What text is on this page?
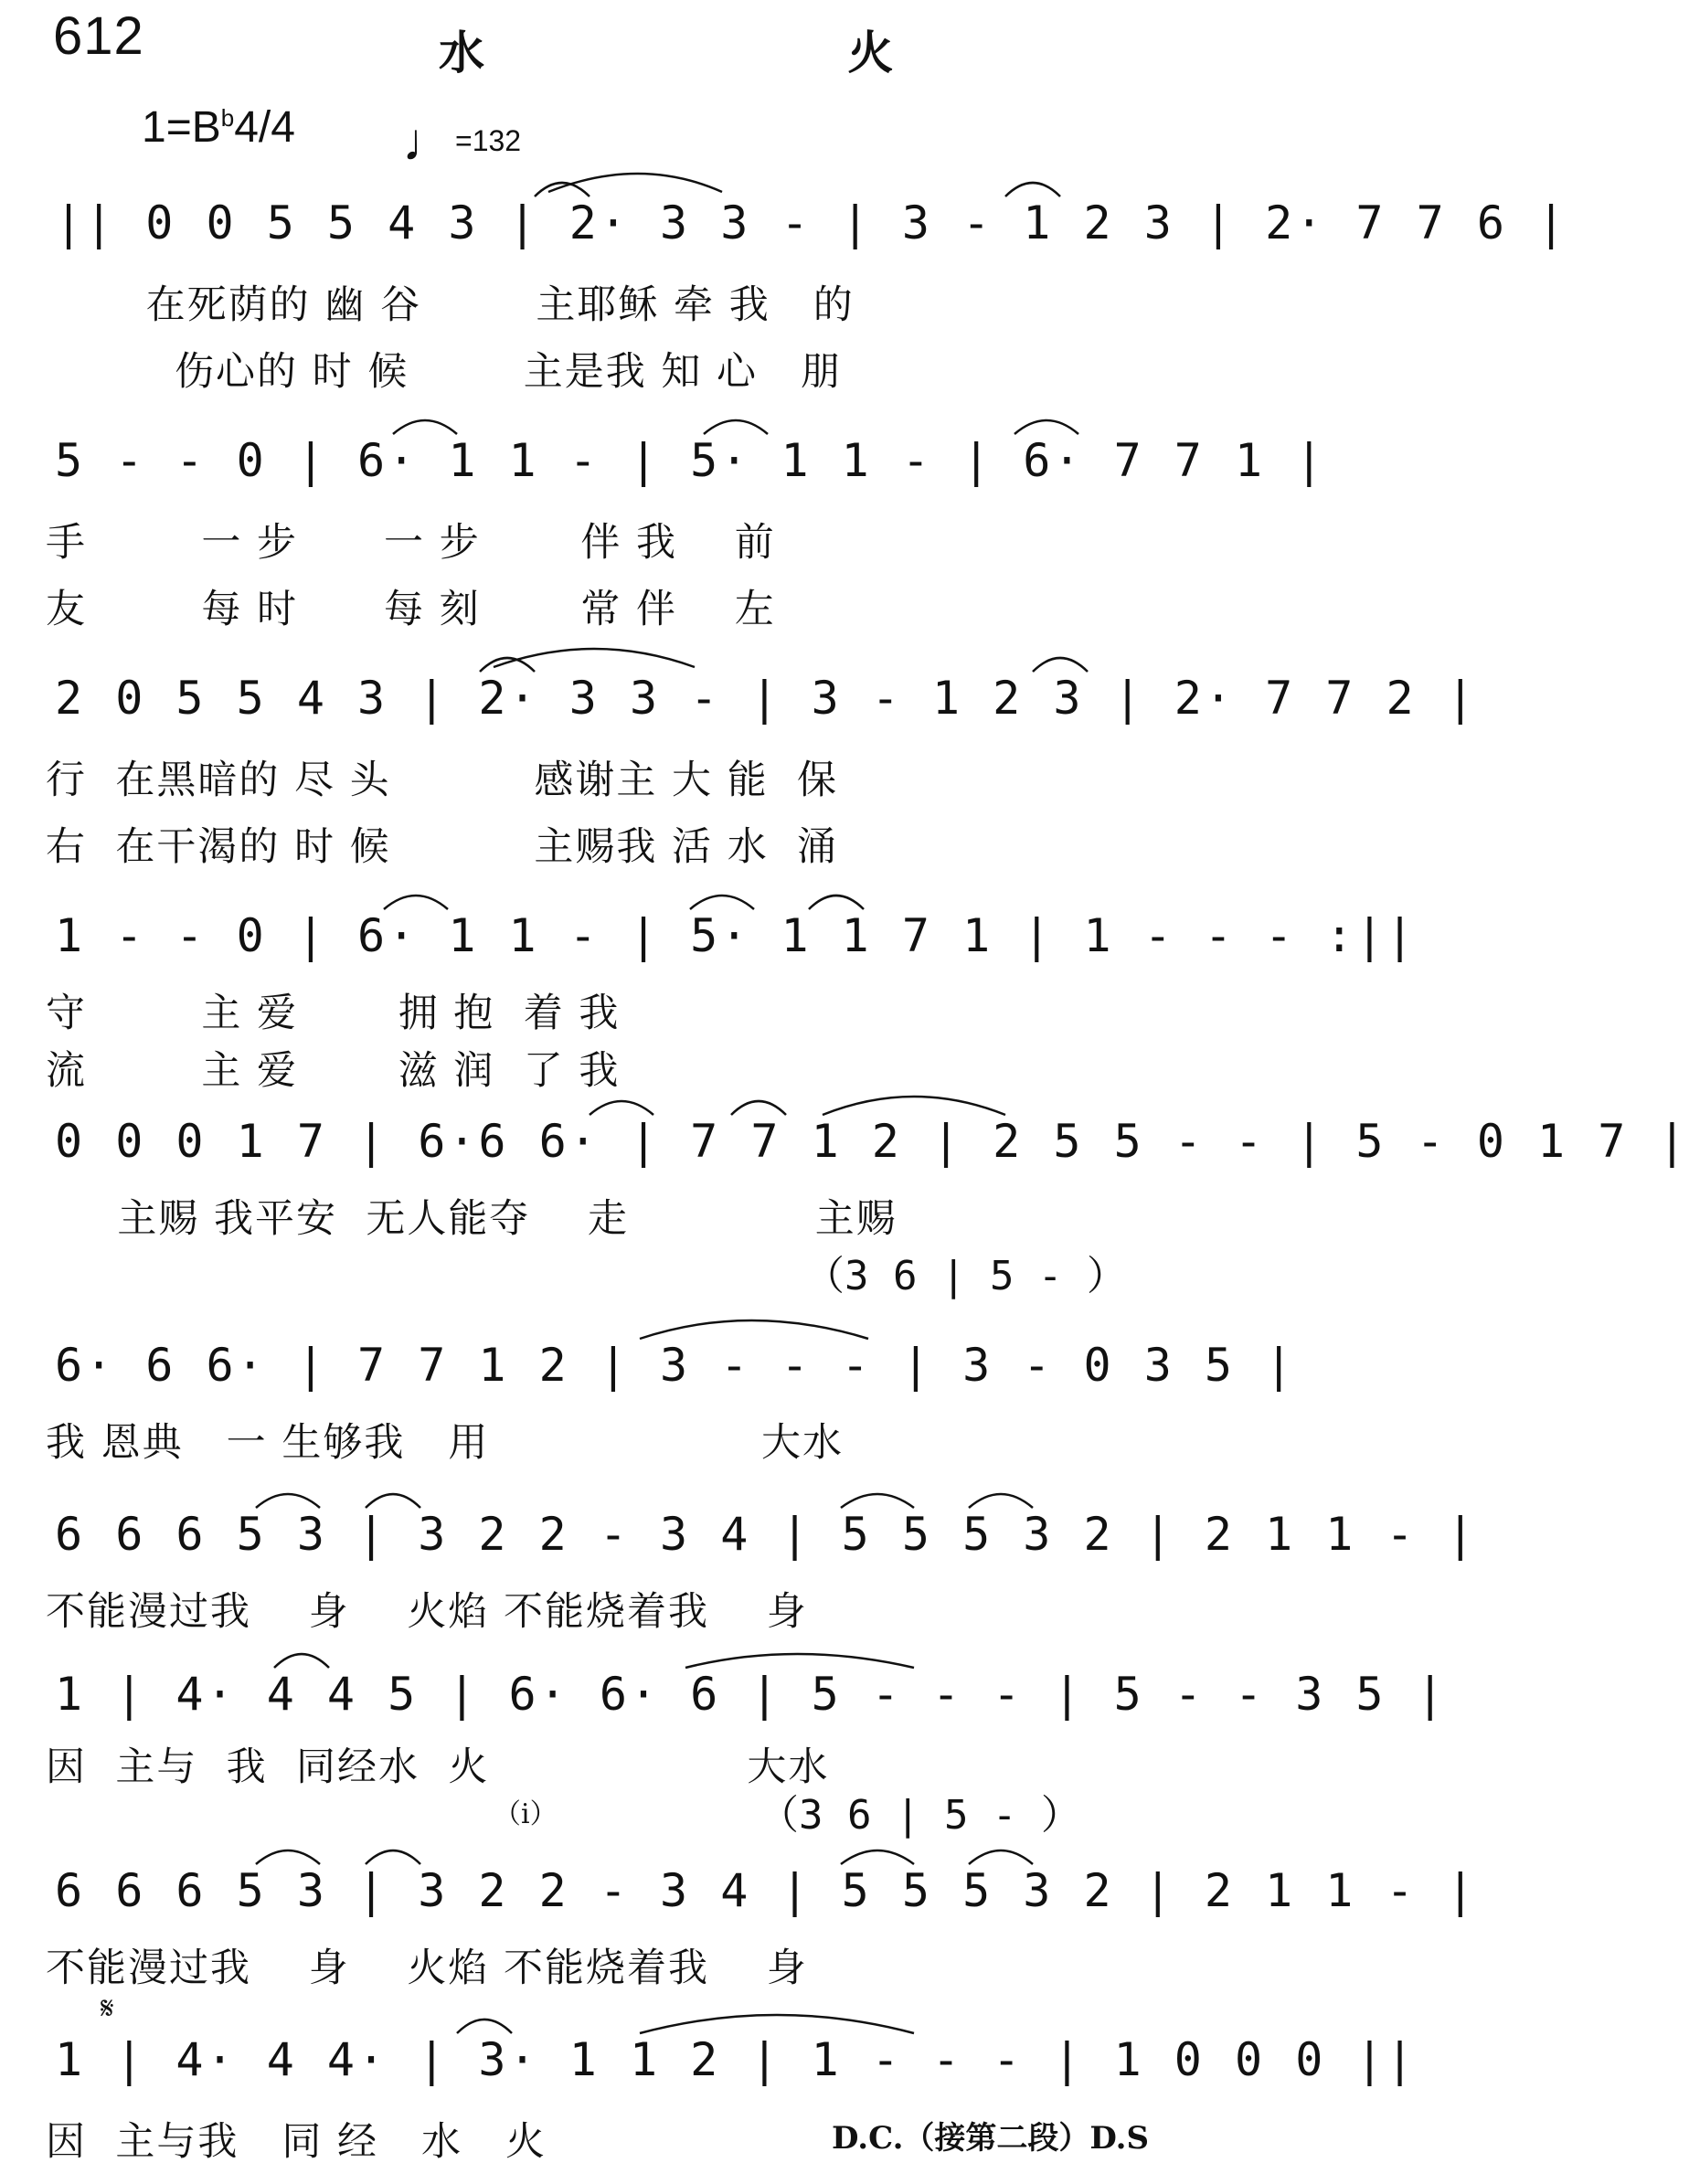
612	水 火
$1=B^b4/4$ ♩=132
|| 0 0 5 5 4 3 | 2· 3 3 - | 3 - 1 2 3 | 2· 7 7 6 |
在死荫的 幽 谷        主耶稣 牵 我   的
伤心的 时 候        主是我 知 心   朋
5 - - 0 | 6· 1 1 - | 5· 1 1 - | 6· 7 7 1 |
手        一 步      一 步       伴 我    前
友        每 时      每 刻       常 伴    左
2 0 5 5 4 3 | 2· 3 3 - | 3 - 1 2 3 | 2· 7 7 2 |
行  在黑暗的 尽 头          感谢主 大 能  保
右  在干渴的 时 候          主赐我 活 水  涌
1 - - 0 | 6· 1 1 - | 5· 1 1 7 1 | 1 - - - :||
守        主 爱       拥 抱  着 我
流        主 爱       滋 润  了 我
0 0 0 1 7 | 6·6 6· | 7 7 1 2 | 2 5 5 - - | 5 - 0 1 7 |
主赐 我平安  无人能夺    走             主赐
（3 6 | 5 - ）
6· 6 6· | 7 7 1 2 | 3 - - - | 3 - 0 3 5 |
我 恩典   一 生够我   用                   大水
6 6 6 5 3 | 3 2 2 - 3 4 | 5 5 5 3 2 | 2 1 1 - |
不能漫过我    身    火焰 不能烧着我    身
1 | 4· 4 4 5 | 6· 6· 6 | 5 - - - | 5 - - 3 5 |
因  主与  我  同经水  火                  大水
（i）	（3 6 | 5 - ）
6 6 6 5 3 | 3 2 2 - 3 4 | 5 5 5 3 2 | 2 1 1 - |
不能漫过我    身    火焰 不能烧着我    身
𝄋
1 | 4· 4 4· | 3· 1 1 2 | 1 - - - | 1 0 0 0 ||
因  主与我   同 经   水   火	D.C.（接第二段）D.S
